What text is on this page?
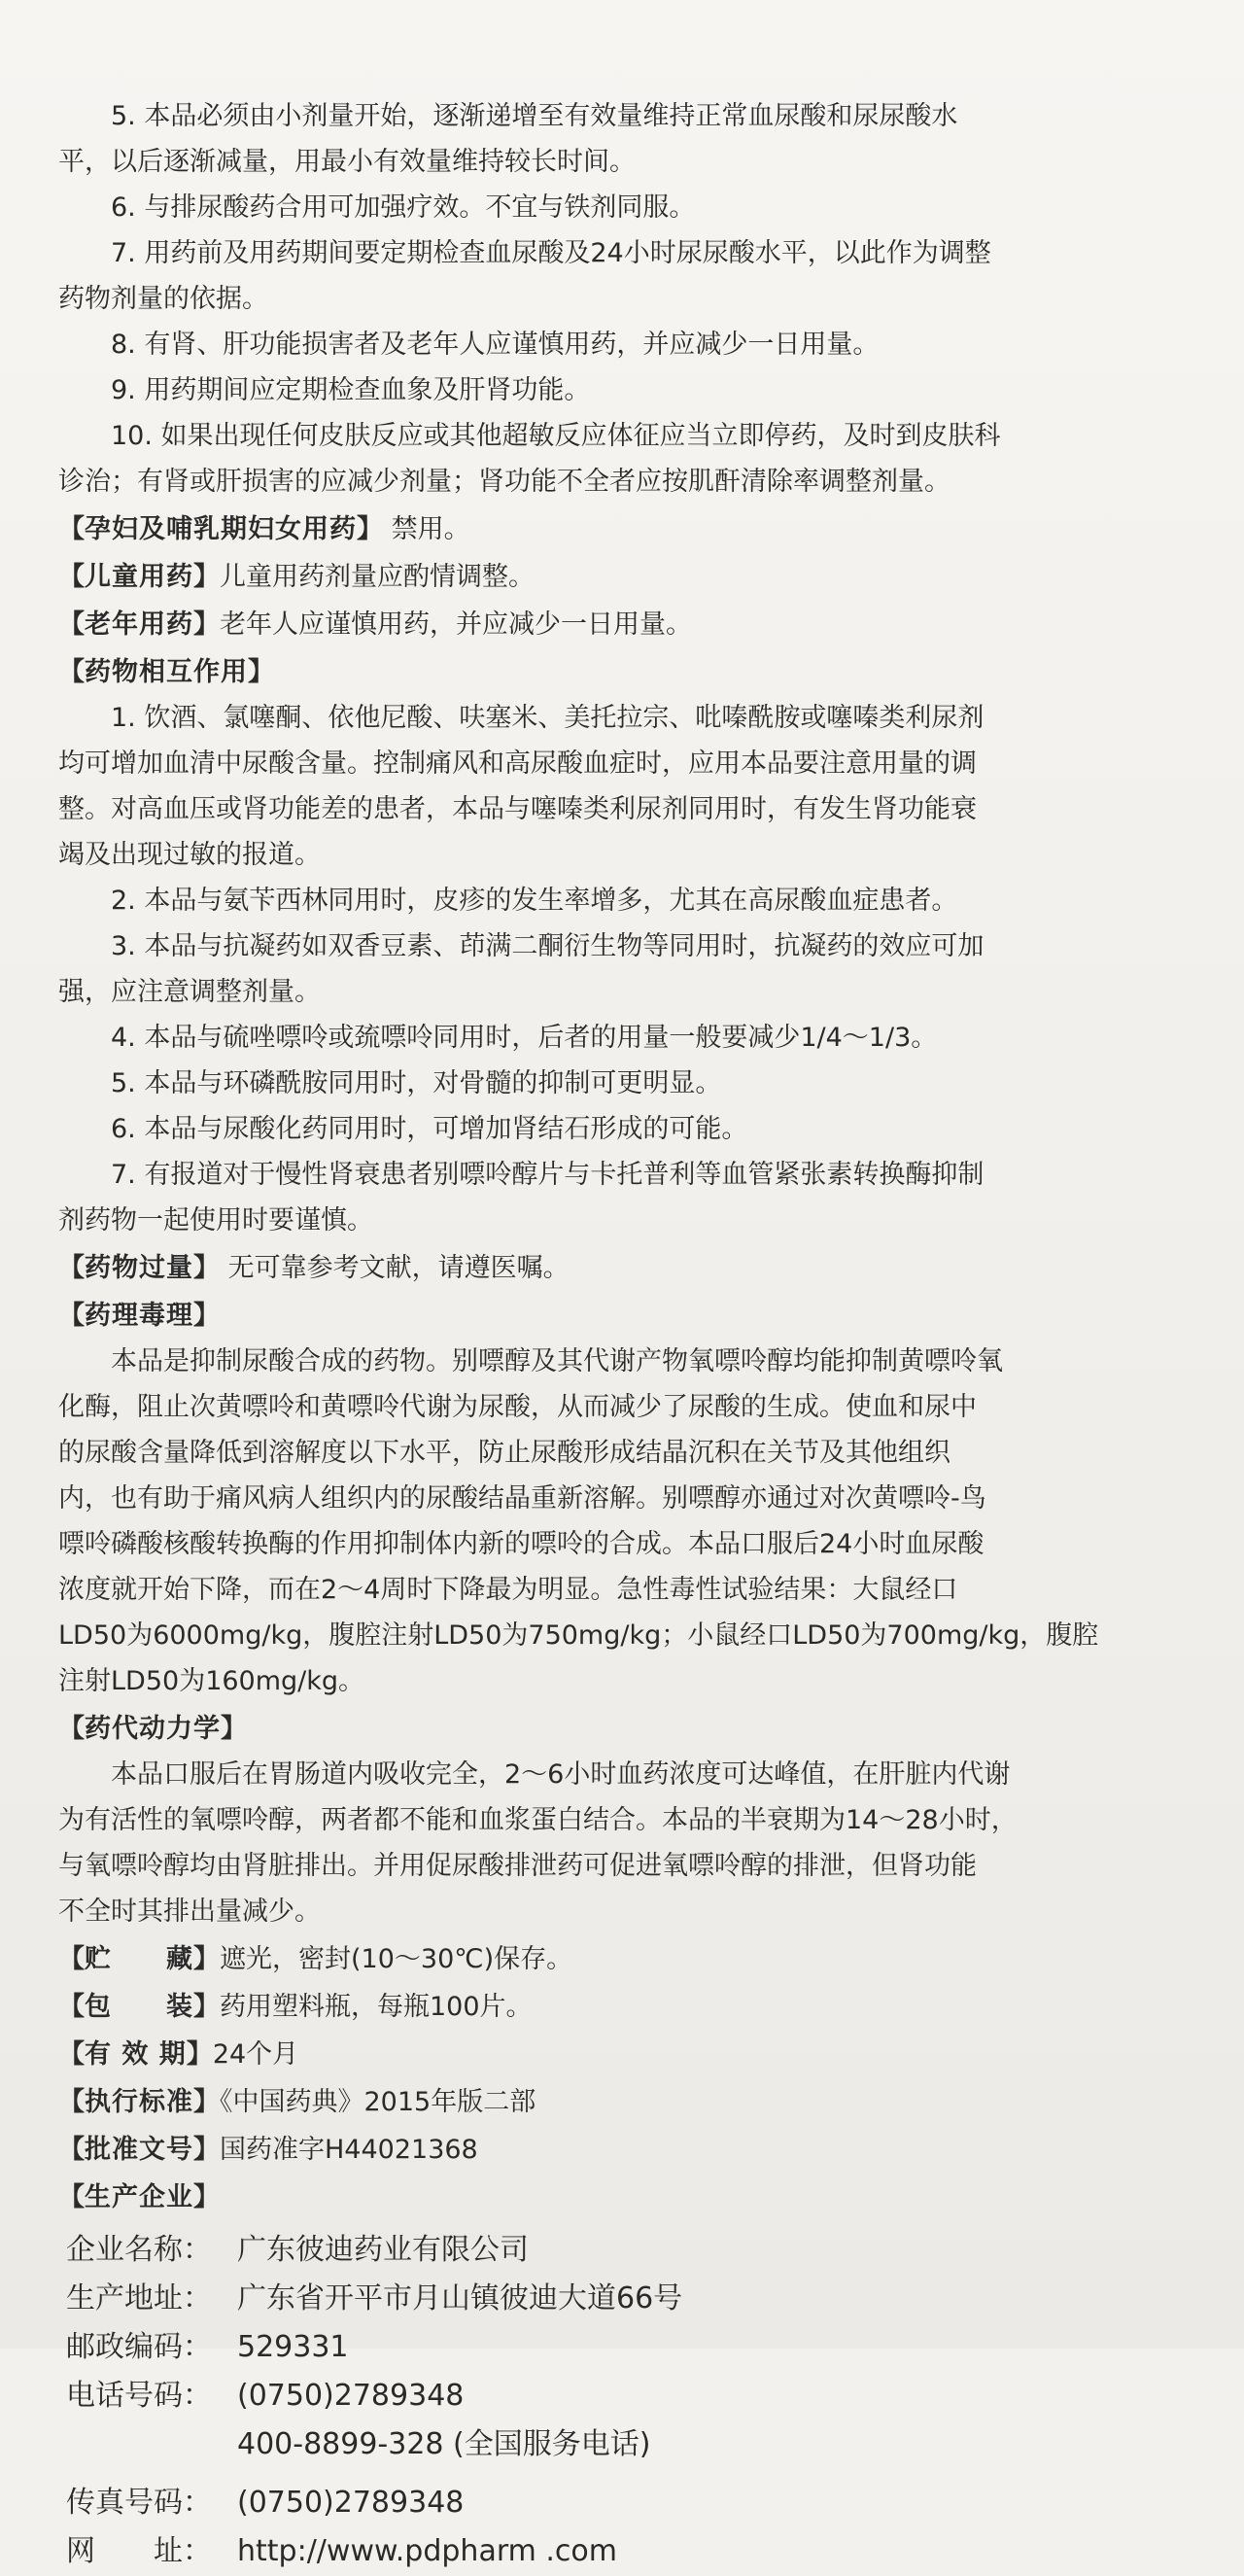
5. 本品必须由小剂量开始，逐渐递增至有效量维持正常血尿酸和尿尿酸水

平，以后逐渐减量，用最小有效量维持较长时间。

6. 与排尿酸药合用可加强疗效。不宜与铁剂同服。

7. 用药前及用药期间要定期检查血尿酸及24小时尿尿酸水平，以此作为调整

药物剂量的依据。

8. 有肾、肝功能损害者及老年人应谨慎用药，并应减少一日用量。

9. 用药期间应定期检查血象及肝肾功能。

10. 如果出现任何皮肤反应或其他超敏反应体征应当立即停药，及时到皮肤科

诊治；有肾或肝损害的应减少剂量；肾功能不全者应按肌酐清除率调整剂量。

【孕妇及哺乳期妇女用药】 禁用。

【儿童用药】儿童用药剂量应酌情调整。

【老年用药】老年人应谨慎用药，并应减少一日用量。

【药物相互作用】

1. 饮酒、氯噻酮、依他尼酸、呋塞米、美托拉宗、吡嗪酰胺或噻嗪类利尿剂

均可增加血清中尿酸含量。控制痛风和高尿酸血症时，应用本品要注意用量的调

整。对高血压或肾功能差的患者，本品与噻嗪类利尿剂同用时，有发生肾功能衰

竭及出现过敏的报道。

2. 本品与氨苄西林同用时，皮疹的发生率增多，尤其在高尿酸血症患者。

3. 本品与抗凝药如双香豆素、茚满二酮衍生物等同用时，抗凝药的效应可加

强，应注意调整剂量。

4. 本品与硫唑嘌呤或巯嘌呤同用时，后者的用量一般要减少1/4～1/3。

5. 本品与环磷酰胺同用时，对骨髓的抑制可更明显。

6. 本品与尿酸化药同用时，可增加肾结石形成的可能。

7. 有报道对于慢性肾衰患者别嘌呤醇片与卡托普利等血管紧张素转换酶抑制

剂药物一起使用时要谨慎。

【药物过量】 无可靠参考文献，请遵医嘱。

【药理毒理】

本品是抑制尿酸合成的药物。别嘌醇及其代谢产物氧嘌呤醇均能抑制黄嘌呤氧

化酶，阻止次黄嘌呤和黄嘌呤代谢为尿酸，从而减少了尿酸的生成。使血和尿中

的尿酸含量降低到溶解度以下水平，防止尿酸形成结晶沉积在关节及其他组织

内，也有助于痛风病人组织内的尿酸结晶重新溶解。别嘌醇亦通过对次黄嘌呤-鸟

嘌呤磷酸核酸转换酶的作用抑制体内新的嘌呤的合成。本品口服后24小时血尿酸

浓度就开始下降，而在2～4周时下降最为明显。急性毒性试验结果：大鼠经口

LD50为6000mg/kg，腹腔注射LD50为750mg/kg；小鼠经口LD50为700mg/kg，腹腔

注射LD50为160mg/kg。

【药代动力学】

本品口服后在胃肠道内吸收完全，2～6小时血药浓度可达峰值，在肝脏内代谢

为有活性的氧嘌呤醇，两者都不能和血浆蛋白结合。本品的半衰期为14～28小时，

与氧嘌呤醇均由肾脏排出。并用促尿酸排泄药可促进氧嘌呤醇的排泄，但肾功能

不全时其排出量减少。

【贮　　藏】遮光，密封(10～30℃)保存。

【包　　装】药用塑料瓶，每瓶100片。

【有 效 期】24个月

【执行标准】《中国药典》2015年版二部

【批准文号】国药准字H44021368

【生产企业】

企业名称： 广东彼迪药业有限公司

生产地址： 广东省开平市月山镇彼迪大道66号

邮政编码： 529331

电话号码： (0750)2789348

400-8899-328 (全国服务电话)

传真号码： (0750)2789348

网　　址： http://www.pdpharm .com
